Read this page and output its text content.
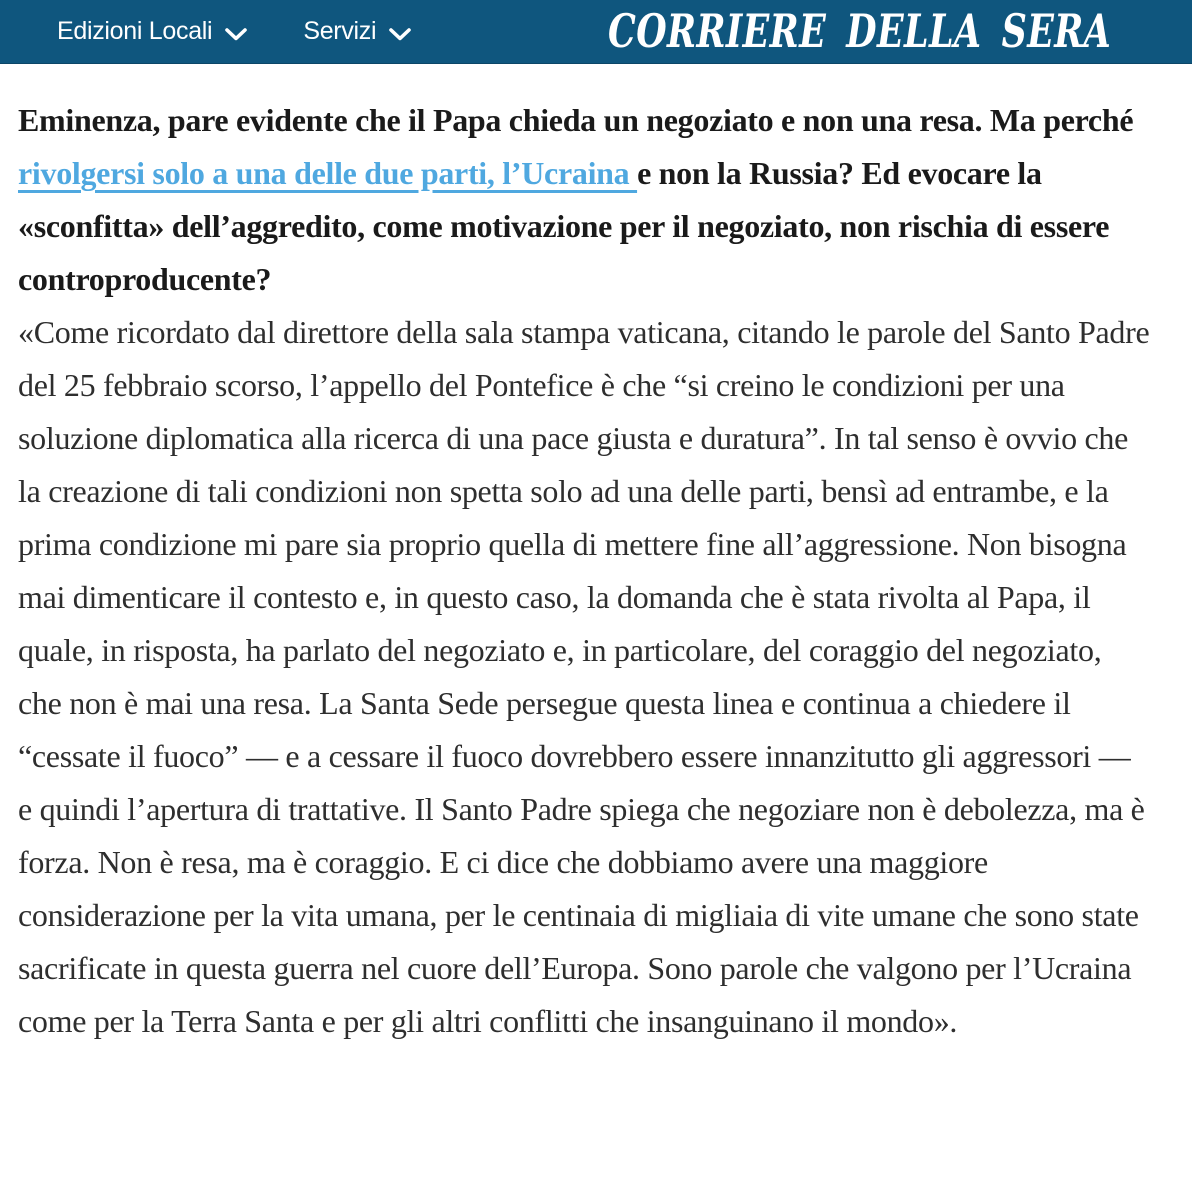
Edizioni Locali	Servizi	CORRIERE DELLA SERA

Eminenza, pare evidente che il Papa chieda un negoziato e non una resa. Ma perché rivolgersi solo a una delle due parti, l’Ucraina e non la Russia? Ed evocare la «sconfitta» dell’aggredito, come motivazione per il negoziato, non rischia di essere controproducente?

«Come ricordato dal direttore della sala stampa vaticana, citando le parole del Santo Padre del 25 febbraio scorso, l’appello del Pontefice è che “si creino le condizioni per una soluzione diplomatica alla ricerca di una pace giusta e duratura”. In tal senso è ovvio che la creazione di tali condizioni non spetta solo ad una delle parti, bensì ad entrambe, e la prima condizione mi pare sia proprio quella di mettere fine all’aggressione. Non bisogna mai dimenticare il contesto e, in questo caso, la domanda che è stata rivolta al Papa, il quale, in risposta, ha parlato del negoziato e, in particolare, del coraggio del negoziato, che non è mai una resa. La Santa Sede persegue questa linea e continua a chiedere il “cessate il fuoco” — e a cessare il fuoco dovrebbero essere innanzitutto gli aggressori — e quindi l’apertura di trattative. Il Santo Padre spiega che negoziare non è debolezza, ma è forza. Non è resa, ma è coraggio. E ci dice che dobbiamo avere una maggiore considerazione per la vita umana, per le centinaia di migliaia di vite umane che sono state sacrificate in questa guerra nel cuore dell’Europa. Sono parole che valgono per l’Ucraina come per la Terra Santa e per gli altri conflitti che insanguinano il mondo».
